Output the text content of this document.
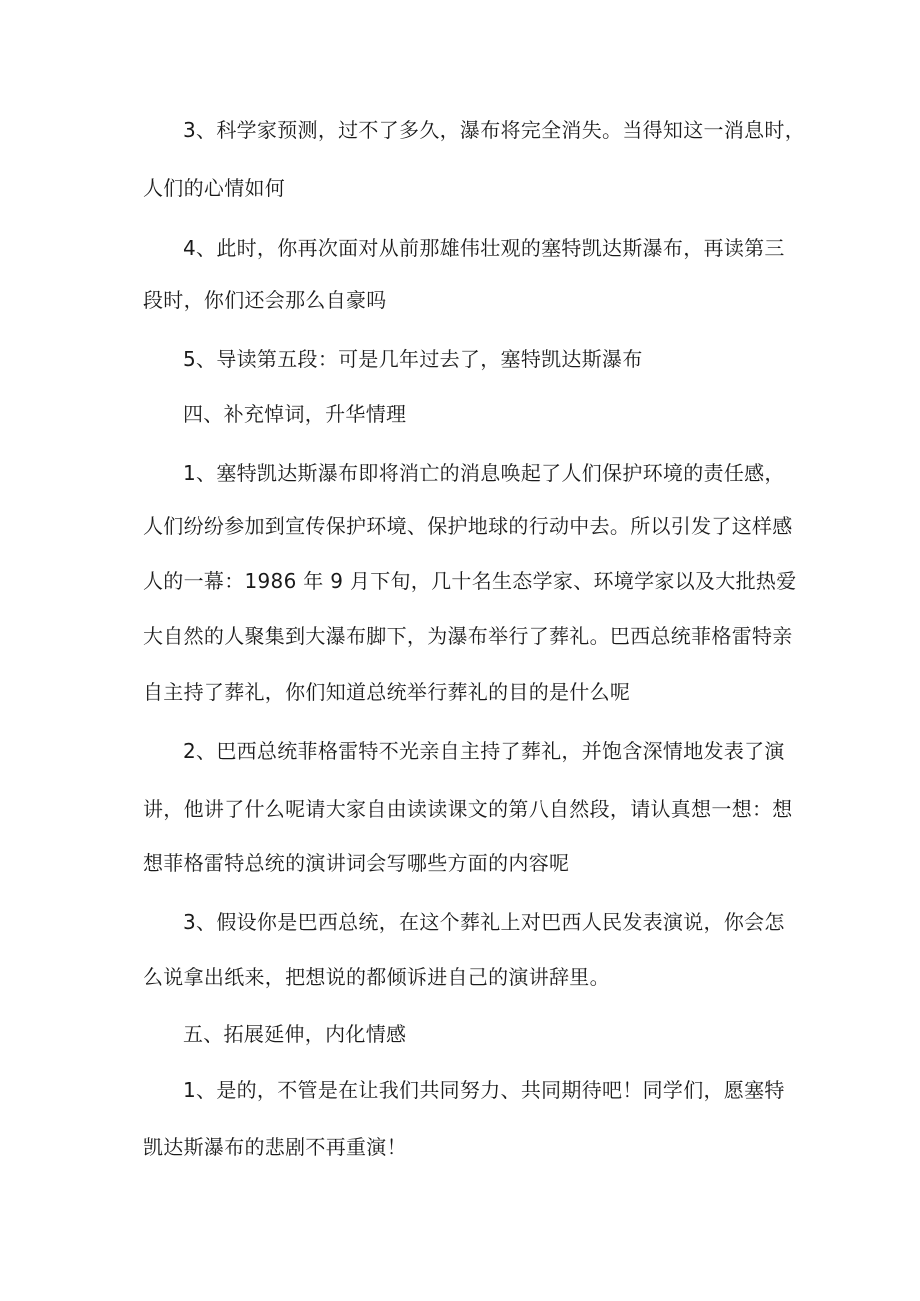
3、科学家预测，过不了多久，瀑布将完全消失。当得知这一消息时，
人们的心情如何
4、此时，你再次面对从前那雄伟壮观的塞特凯达斯瀑布，再读第三
段时，你们还会那么自豪吗
5、导读第五段：可是几年过去了，塞特凯达斯瀑布
四、补充悼词，升华情理
1、塞特凯达斯瀑布即将消亡的消息唤起了人们保护环境的责任感，
人们纷纷参加到宣传保护环境、保护地球的行动中去。所以引发了这样感
人的一幕：1986 年 9 月下旬，几十名生态学家、环境学家以及大批热爱
大自然的人聚集到大瀑布脚下，为瀑布举行了葬礼。巴西总统菲格雷特亲
自主持了葬礼，你们知道总统举行葬礼的目的是什么呢
2、巴西总统菲格雷特不光亲自主持了葬礼，并饱含深情地发表了演
讲，他讲了什么呢请大家自由读读课文的第八自然段，请认真想一想：想
想菲格雷特总统的演讲词会写哪些方面的内容呢
3、假设你是巴西总统，在这个葬礼上对巴西人民发表演说，你会怎
么说拿出纸来，把想说的都倾诉进自己的演讲辞里。
五、拓展延伸，内化情感
1、是的，不管是在让我们共同努力、共同期待吧！同学们，愿塞特
凯达斯瀑布的悲剧不再重演！
